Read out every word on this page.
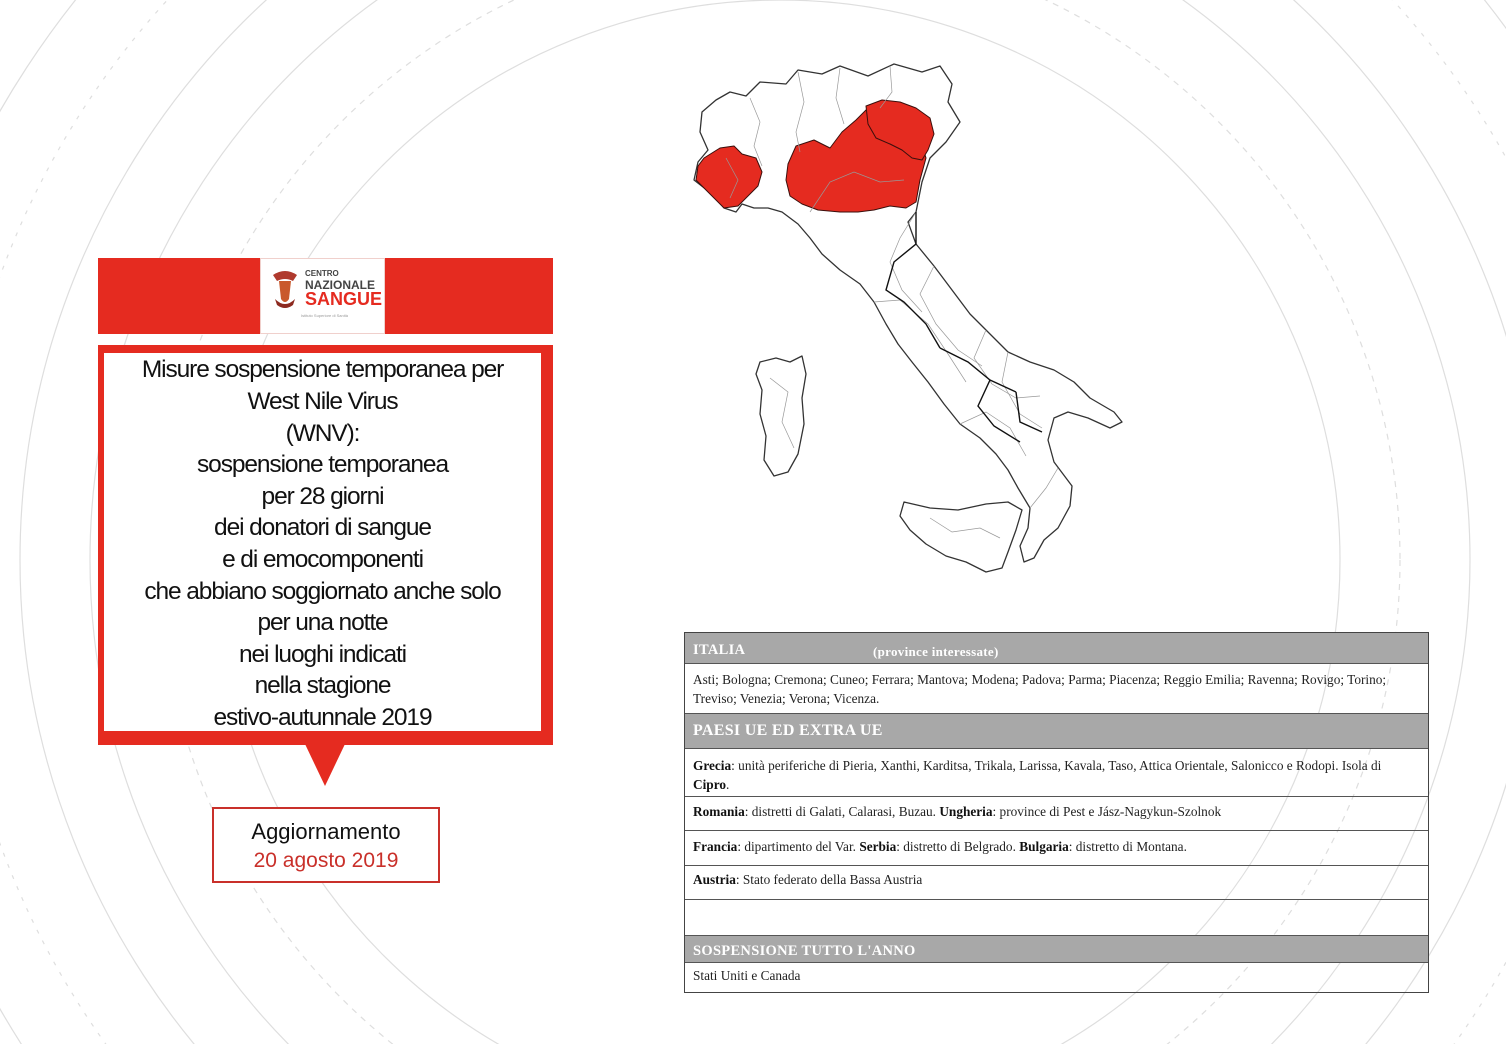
CENTRO
NAZIONALE
SANGUE
Istituto Superiore di Sanità
Misure sospensione temporanea per
West Nile Virus
(WNV):
sospensione temporanea
per 28 giorni
dei donatori di sangue
e di emocomponenti
che abbiano soggiornato anche solo
per una notte
nei luoghi indicati
nella stagione
estivo-autunnale 2019
Aggiornamento
20 agosto 2019
ITALIA	(province interessate)
Asti; Bologna; Cremona; Cuneo; Ferrara; Mantova; Modena; Padova; Parma; Piacenza; Reggio Emilia; Ravenna; Rovigo; Torino; Treviso; Venezia; Verona; Vicenza.
PAESI UE ED EXTRA UE
Grecia: unità periferiche di Pieria, Xanthi, Karditsa, Trikala, Larissa, Kavala, Taso, Attica Orientale, Salonicco e Rodopi. Isola di Cipro.
Romania: distretti di Galati, Calarasi, Buzau. Ungheria: province di Pest e Jász-Nagykun-Szolnok
Francia: dipartimento del Var. Serbia: distretto di Belgrado. Bulgaria: distretto di Montana.
Austria: Stato federato della Bassa Austria
SOSPENSIONE TUTTO L'ANNO
Stati Uniti e Canada
